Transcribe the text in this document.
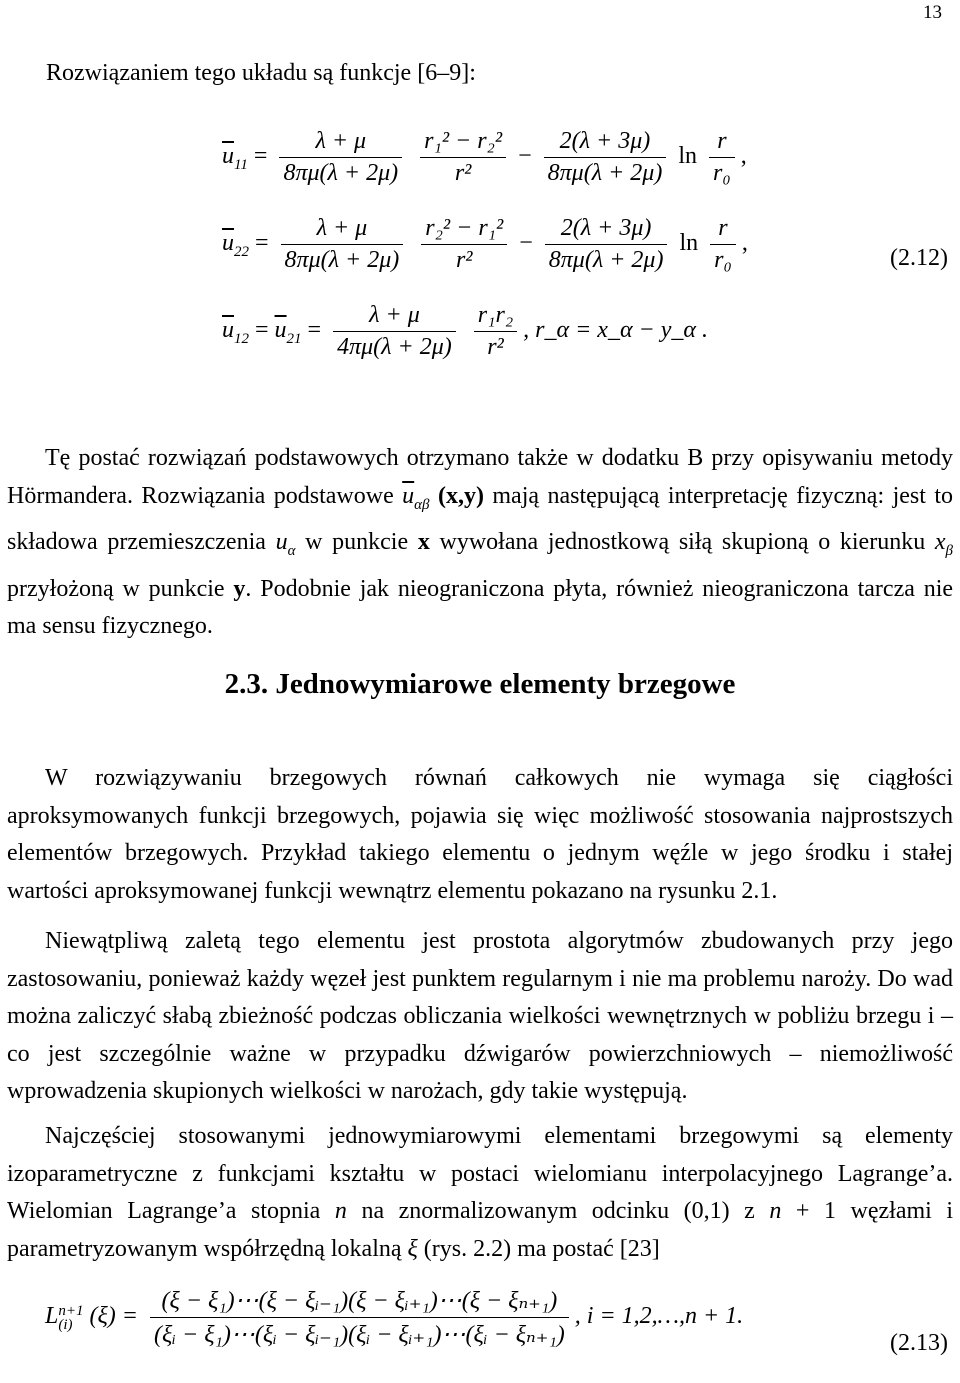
13
Rozwiązaniem tego układu są funkcje [6–9]:
$\overline{u}_{11} = \frac{\lambda + \mu}{8\pi\mu(\lambda + 2\mu)}$
$\frac{\text{r₁² − r₂²}}{\text{r²}} - \frac{2(\lambda + 3\mu)}{8\pi\mu(\lambda + 2\mu)}$ $\ln \frac{r}{\text{r₀}}$ ,
$\overline{u}_{22} = \frac{\lambda + \mu}{8\pi\mu(\lambda + 2\mu)}$
$\frac{\text{r₂² − r₁²}}{\text{r²}} - \frac{2(\lambda + 3\mu)}{8\pi\mu(\lambda + 2\mu)}$ $\ln \frac{r}{\text{r₀}}$ ,
(2.12)
$\overline{u}_{12} = \overline{u}_{21} = \frac{\lambda + \mu}{4\pi\mu(\lambda + 2\mu)}$
$\frac{\text{r₁r₂}}{\text{r²}}$ , r_α = x_α − y_α .

Tę postać rozwiązań podstawowych otrzymano także w dodatku B przy opisywaniu metody Hörmandera. Rozwiązania podstawowe $\overline{u}_{\alpha\beta}$ (x,y) mają następującą interpretację fizyczną: jest to składowa przemieszczenia $u_\alpha$ w punkcie x wywołana jednostkową siłą skupioną o kierunku $x_\beta$ przyłożoną w punkcie y. Podobnie jak nieograniczona płyta, również nieograniczona tarcza nie ma sensu fizycznego.

2.3. Jednowymiarowe elementy brzegowe

W rozwiązywaniu brzegowych równań całkowych nie wymaga się ciągłości aproksymowanych funkcji brzegowych, pojawia się więc możliwość stosowania najprostszych elementów brzegowych. Przykład takiego elementu o jednym węźle w jego środku i stałej wartości aproksymowanej funkcji wewnątrz elementu pokazano na rysunku 2.1.

Niewątpliwą zaletą tego elementu jest prostota algorytmów zbudowanych przy jego zastosowaniu, ponieważ każdy węzeł jest punktem regularnym i nie ma problemu naroży. Do wad można zaliczyć słabą zbieżność podczas obliczania wielkości wewnętrznych w pobliżu brzegu i – co jest szczególnie ważne w przypadku dźwigarów powierzchniowych – niemożliwość wprowadzenia skupionych wielkości w narożach, gdy takie występują.

Najczęściej stosowanymi jednowymiarowymi elementami brzegowymi są elementy izoparametryczne z funkcjami kształtu w postaci wielomianu interpolacyjnego Lagrange’a. Wielomian Lagrange’a stopnia n na znormalizowanym odcinku (0,1) z n + 1 węzłami i parametryzowanym współrzędną lokalną ξ (rys. 2.2) ma postać [23]

L n+1
(i) $(\xi) = \frac{\text{(ξ − ξ₁)⋯(ξ − ξᵢ₋₁)(ξ − ξᵢ₊₁)⋯(ξ − ξₙ₊₁)}}{\text{(ξᵢ − ξ₁)⋯(ξᵢ − ξᵢ₋₁)(ξᵢ − ξᵢ₊₁)⋯(ξᵢ − ξₙ₊₁)}}$ , i = 1,2,…,n + 1.
(2.13)
